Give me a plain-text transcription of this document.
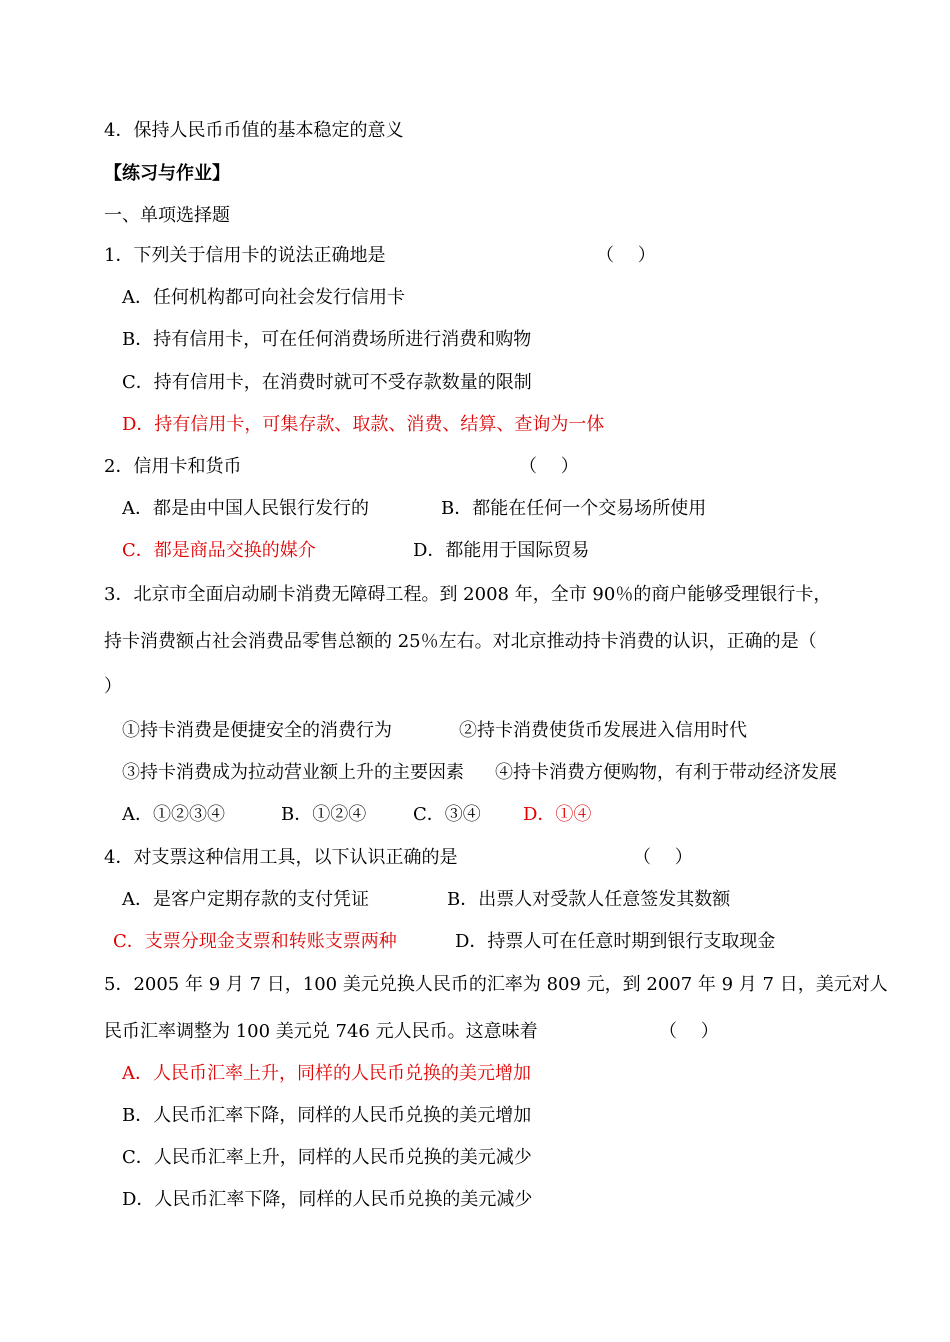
4．保持人民币币值的基本稳定的意义
【练习与作业】
一、单项选择题
1．下列关于信用卡的说法正确地是	（　 ）
A．任何机构都可向社会发行信用卡
B．持有信用卡，可在任何消费场所进行消费和购物
C．持有信用卡，在消费时就可不受存款数量的限制
D．持有信用卡，可集存款、取款、消费、结算、查询为一体
2．信用卡和货币	（　 ）
A．都是由中国人民银行发行的	B．都能在任何一个交易场所使用
C．都是商品交换的媒介	D．都能用于国际贸易
3．北京市全面启动刷卡消费无障碍工程。到 2008 年，全市 90％的商户能够受理银行卡，
持卡消费额占社会消费品零售总额的 25％左右。对北京推动持卡消费的认识，正确的是（
）
①持卡消费是便捷安全的消费行为	②持卡消费使货币发展进入信用时代
③持卡消费成为拉动营业额上升的主要因素 ④持卡消费方便购物，有利于带动经济发展
A．①②③④	B．①②④	C．③④ D．①④
4．对支票这种信用工具，以下认识正确的是	（　 ）
A．是客户定期存款的支付凭证	B．出票人对受款人任意签发其数额
C．支票分现金支票和转账支票两种	D．持票人可在任意时期到银行支取现金
5．2005 年 9 月 7 日，100 美元兑换人民币的汇率为 809 元，到 2007 年 9 月 7 日，美元对人
民币汇率调整为 100 美元兑 746 元人民币。这意味着	（　 ）
A．人民币汇率上升，同样的人民币兑换的美元增加
B．人民币汇率下降，同样的人民币兑换的美元增加
C．人民币汇率上升，同样的人民币兑换的美元减少
D．人民币汇率下降，同样的人民币兑换的美元减少
